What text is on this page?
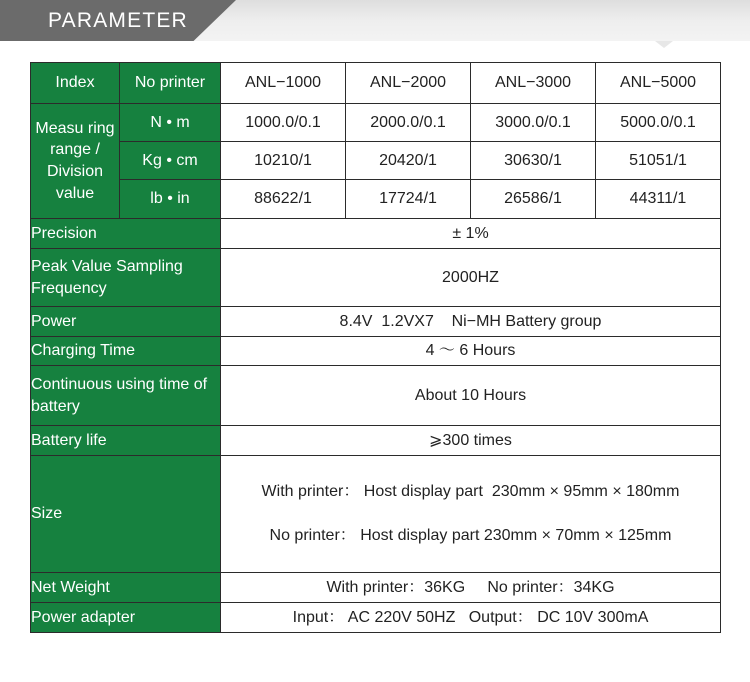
PARAMETER
Index	No printer	ANL−1000	ANL−2000	ANL−3000	ANL−5000
Measu ring range / Division value	N • m	1000.0/0.1	2000.0/0.1	3000.0/0.1	5000.0/0.1
	Kg • cm	10210/1	20420/1	30630/1	51051/1
	lb • in	88622/1	17724/1	26586/1	44311/1
Precision		± 1%			
Peak Value Sampling Frequency		2000HZ			
Power		8.4V  1.2VX7    Ni−MH Battery group			
Charging Time		4 ～ 6 Hours			
Continuous using time of battery		About 10 Hours			
Battery life		⩾300 times			
Size		With printer： Host display part  230mm × 95mm × 180mm
No printer： Host display part 230mm × 70mm × 125mm			

Net Weight		With printer：36KG     No printer：34KG			
Power adapter		Input： AC 220V 50HZ   Output： DC 10V 300mA			
